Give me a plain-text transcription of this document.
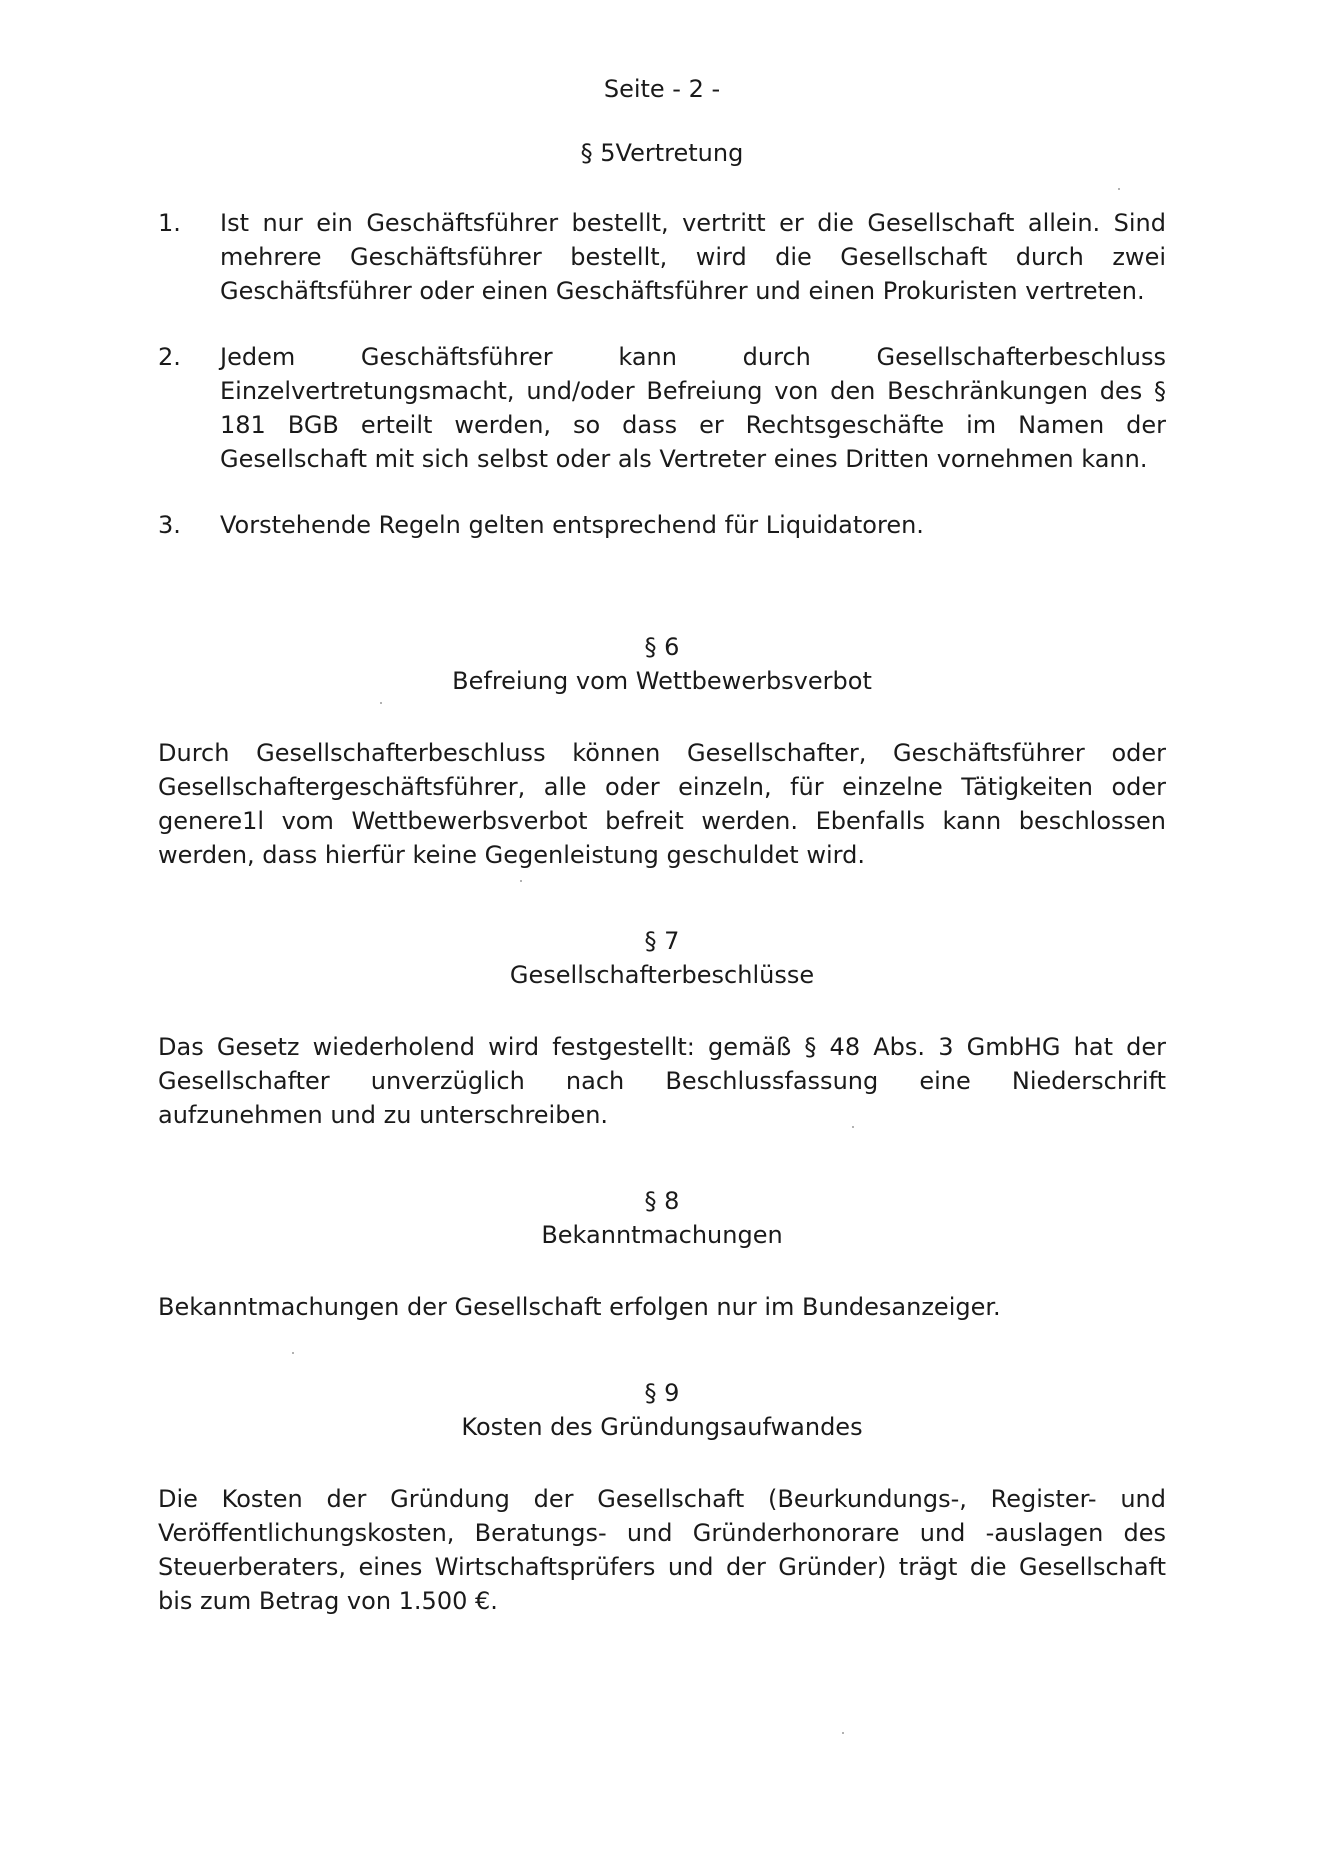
Seite - 2 -
§ 5Vertretung
1.	Ist nur ein Geschäftsführer bestellt, vertritt er die Gesellschaft allein. Sind mehrere Geschäftsführer bestellt, wird die Gesellschaft durch zwei Geschäftsführer oder einen Geschäftsführer und einen Prokuristen vertreten.
2.	Jedem Geschäftsführer kann durch Gesellschafterbeschluss Einzelvertretungsmacht, und/oder Befreiung von den Beschränkungen des § 181 BGB erteilt werden, so dass er Rechtsgeschäfte im Namen der Gesellschaft mit sich selbst oder als Vertreter eines Dritten vornehmen kann.
3.	Vorstehende Regeln gelten entsprechend für Liquidatoren.
§ 6
Befreiung vom Wettbewerbsverbot

Durch Gesellschafterbeschluss können Gesellschafter, Geschäftsführer oder Gesellschaftergeschäftsführer, alle oder einzeln, für einzelne Tätigkeiten oder genere1l vom Wettbewerbsverbot befreit werden. Ebenfalls kann beschlossen werden, dass hierfür keine Gegenleistung geschuldet wird.

§ 7
Gesellschafterbeschlüsse

Das Gesetz wiederholend wird festgestellt: gemäß § 48 Abs. 3 GmbHG hat der Gesellschafter unverzüglich nach Beschlussfassung eine Niederschrift aufzunehmen und zu unterschreiben.

§ 8
Bekanntmachungen

Bekanntmachungen der Gesellschaft erfolgen nur im Bundesanzeiger.

§ 9
Kosten des Gründungsaufwandes

Die Kosten der Gründung der Gesellschaft (Beurkundungs-, Register- und Veröffentlichungskosten, Beratungs- und Gründerhonorare und -auslagen des Steuerberaters, eines Wirtschaftsprüfers und der Gründer) trägt die Gesellschaft bis zum Betrag von 1.500 €.
